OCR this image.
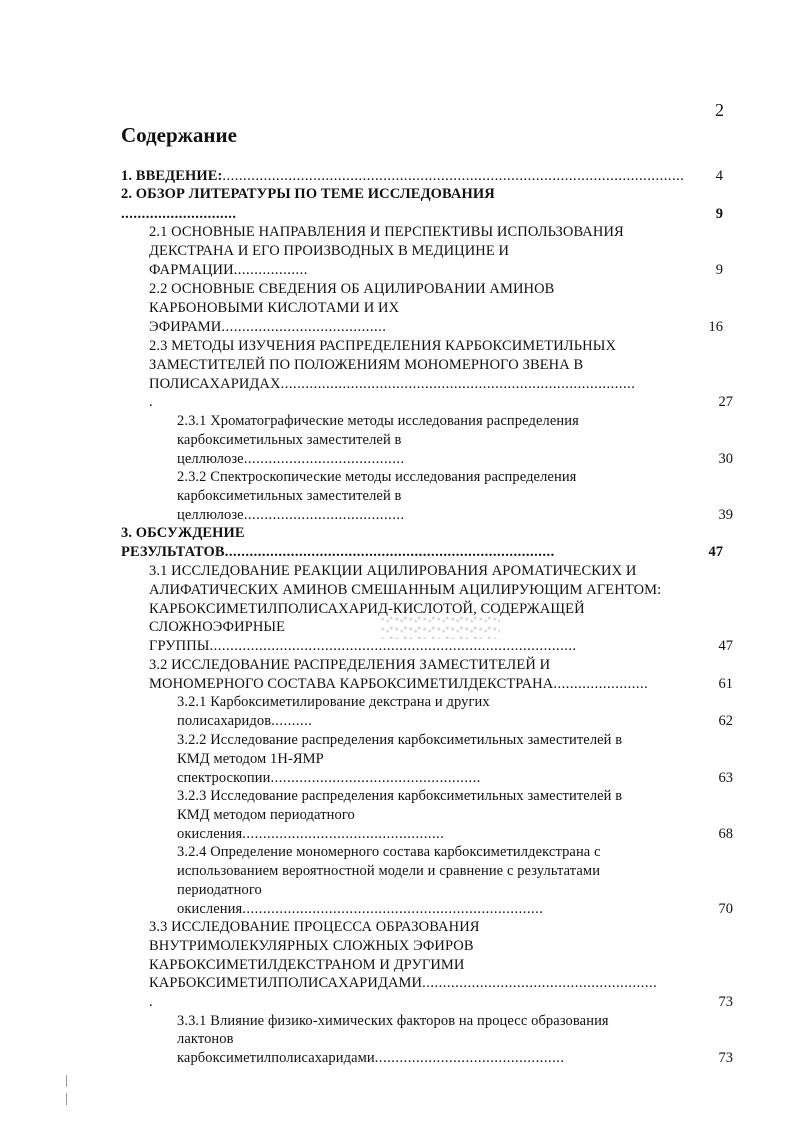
2
Содержание
1. ВВЕДЕНИЕ:................................................................................................................	4
2. ОБЗОР ЛИТЕРАТУРЫ ПО ТЕМЕ ИССЛЕДОВАНИЯ
............................	9
2.1 ОСНОВНЫЕ НАПРАВЛЕНИЯ И ПЕРСПЕКТИВЫ ИСПОЛЬЗОВАНИЯ
ДЕКСТРАНА И ЕГО ПРОИЗВОДНЫХ В МЕДИЦИНЕ И
ФАРМАЦИИ..................	9
2.2 ОСНОВНЫЕ СВЕДЕНИЯ ОБ АЦИЛИРОВАНИИ АМИНОВ
КАРБОНОВЫМИ КИСЛОТАМИ И ИХ
ЭФИРАМИ........................................	16
2.3 МЕТОДЫ ИЗУЧЕНИЯ РАСПРЕДЕЛЕНИЯ КАРБОКСИМЕТИЛЬНЫХ
ЗАМЕСТИТЕЛЕЙ ПО ПОЛОЖЕНИЯМ МОНОМЕРНОГО ЗВЕНА В
ПОЛИСАХАРИДАХ......................................................................................
.	27
2.3.1 Хроматографические методы исследования распределения
карбоксиметильных заместителей в
целлюлозе.......................................	30
2.3.2 Спектроскопические методы исследования распределения
карбоксиметильных заместителей в
целлюлозе.......................................	39
3. ОБСУЖДЕНИЕ
РЕЗУЛЬТАТОВ................................................................................	47
3.1 ИССЛЕДОВАНИЕ РЕАКЦИИ АЦИЛИРОВАНИЯ АРОМАТИЧЕСКИХ И
АЛИФАТИЧЕСКИХ АМИНОВ СМЕШАННЫМ АЦИЛИРУЮЩИМ АГЕНТОМ:
КАРБОКСИМЕТИЛПОЛИСАХАРИД-КИСЛОТОЙ, СОДЕРЖАЩЕЙ
СЛОЖНОЭФИРНЫЕ
ГРУППЫ.........................................................................................	47
3.2 ИССЛЕДОВАНИЕ РАСПРЕДЕЛЕНИЯ ЗАМЕСТИТЕЛЕЙ И
МОНОМЕРНОГО СОСТАВА КАРБОКСИМЕТИЛДЕКСТРАНА.......................	61
3.2.1 Карбоксиметилирование декстрана и других
полисахаридов..........	62
3.2.2 Исследование распределения карбоксиметильных заместителей в
КМД методом 1Н-ЯМР
спектроскопии...................................................	63
3.2.3 Исследование распределения карбоксиметильных заместителей в
КМД методом периодатного
окисления.................................................	68
3.2.4 Определение мономерного состава карбоксиметилдекстрана с
использованием вероятностной модели и сравнение с результатами
периодатного
окисления.........................................................................	70
3.3 ИССЛЕДОВАНИЕ ПРОЦЕССА ОБРАЗОВАНИЯ
ВНУТРИМОЛЕКУЛЯРНЫХ СЛОЖНЫХ ЭФИРОВ
КАРБОКСИМЕТИЛДЕКСТРАНОМ И ДРУГИМИ
КАРБОКСИМЕТИЛПОЛИСАХАРИДАМИ.........................................................
.	73
3.3.1 Влияние физико-химических факторов на процесс образования
лактонов
карбоксиметилполисахаридами..............................................	73
